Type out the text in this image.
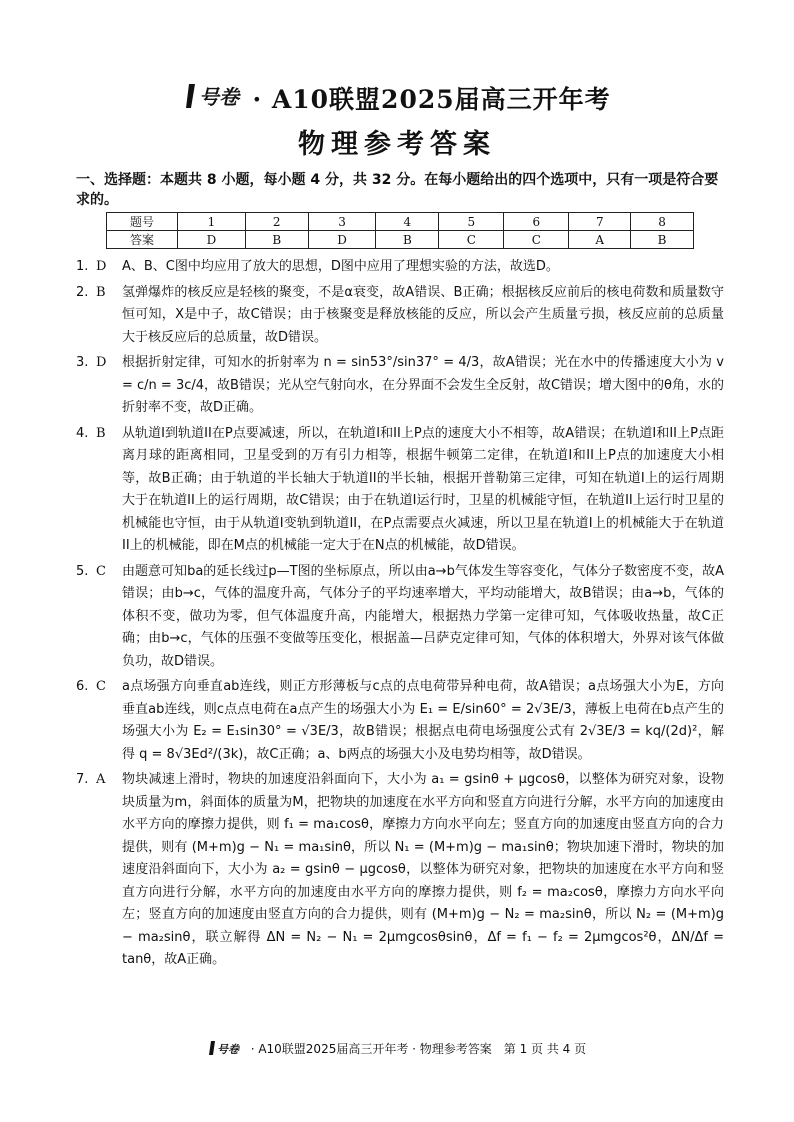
号卷 · A10联盟2025届高三开年考
物理参考答案
一、选择题：本题共 8 小题，每小题 4 分，共 32 分。在每小题给出的四个选项中，只有一项是符合要求的。
题号	1	2	3	4	5	6	7	8
答案	D	B	D	B	C	C	A	B
1. D A、B、C图中均应用了放大的思想，D图中应用了理想实验的方法，故选D。
2. B 氢弹爆炸的核反应是轻核的聚变，不是α衰变，故A错误、B正确；根据核反应前后的核电荷数和质量数守恒可知，X是中子，故C错误；由于核聚变是释放核能的反应，所以会产生质量亏损，核反应前的总质量大于核反应后的总质量，故D错误。
3. D 根据折射定律，可知水的折射率为 n = sin53°/sin37° = 4/3，故A错误；光在水中的传播速度大小为 v = c/n = 3c/4，故B错误；光从空气射向水，在分界面不会发生全反射，故C错误；增大图中的θ角，水的折射率不变，故D正确。
4. B 从轨道I到轨道II在P点要减速，所以，在轨道I和II上P点的速度大小不相等，故A错误；在轨道I和II上P点距离月球的距离相同，卫星受到的万有引力相等，根据牛顿第二定律，在轨道I和II上P点的加速度大小相等，故B正确；由于轨道的半长轴大于轨道II的半长轴，根据开普勒第三定律，可知在轨道I上的运行周期大于在轨道II上的运行周期，故C错误；由于在轨道I运行时，卫星的机械能守恒，在轨道II上运行时卫星的机械能也守恒，由于从轨道I变轨到轨道II，在P点需要点火减速，所以卫星在轨道I上的机械能大于在轨道II上的机械能，即在M点的机械能一定大于在N点的机械能，故D错误。
5. C 由题意可知ba的延长线过p—T图的坐标原点，所以由a→b气体发生等容变化，气体分子数密度不变，故A错误；由b→c，气体的温度升高，气体分子的平均速率增大，平均动能增大，故B错误；由a→b，气体的体积不变，做功为零，但气体温度升高，内能增大，根据热力学第一定律可知，气体吸收热量，故C正确；由b→c，气体的压强不变做等压变化，根据盖—吕萨克定律可知，气体的体积增大，外界对该气体做负功，故D错误。
6. C a点场强方向垂直ab连线，则正方形薄板与c点的点电荷带异种电荷，故A错误；a点场强大小为E，方向垂直ab连线，则c点点电荷在a点产生的场强大小为 E₁ = E/sin60° = 2√3E/3，薄板上电荷在b点产生的场强大小为 E₂ = E₁sin30° = √3E/3，故B错误；根据点电荷电场强度公式有 2√3E/3 = kq/(2d)²，解得 q = 8√3Ed²/(3k)，故C正确；a、b两点的场强大小及电势均相等，故D错误。
7. A 物块减速上滑时，物块的加速度沿斜面向下，大小为 a₁ = gsinθ + μgcosθ，以整体为研究对象，设物块质量为m，斜面体的质量为M，把物块的加速度在水平方向和竖直方向进行分解，水平方向的加速度由水平方向的摩擦力提供，则 f₁ = ma₁cosθ，摩擦力方向水平向左；竖直方向的加速度由竖直方向的合力提供，则有 (M+m)g − N₁ = ma₁sinθ，所以 N₁ = (M+m)g − ma₁sinθ；物块加速下滑时，物块的加速度沿斜面向下，大小为 a₂ = gsinθ − μgcosθ，以整体为研究对象，把物块的加速度在水平方向和竖直方向进行分解，水平方向的加速度由水平方向的摩擦力提供，则 f₂ = ma₂cosθ，摩擦力方向水平向左；竖直方向的加速度由竖直方向的合力提供，则有 (M+m)g − N₂ = ma₂sinθ，所以 N₂ = (M+m)g − ma₂sinθ，联立解得 ΔN = N₂ − N₁ = 2μmgcosθsinθ，Δf = f₁ − f₂ = 2μmgcos²θ，ΔN/Δf = tanθ，故A正确。
号卷 · A10联盟2025届高三开年考 · 物理参考答案　第 1 页 共 4 页
